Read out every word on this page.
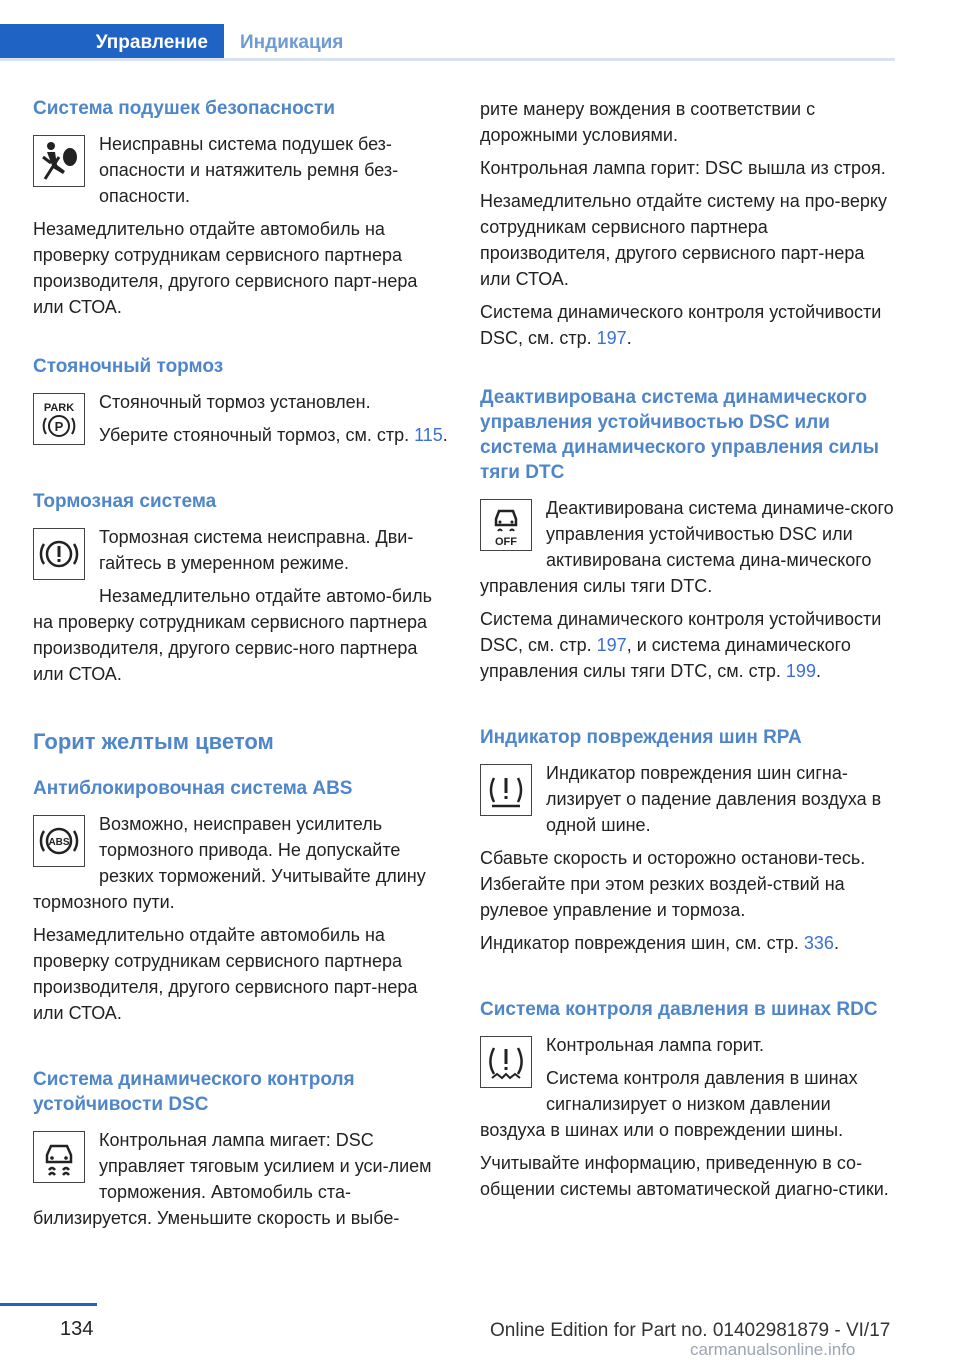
Управление Индикация
Система подушек безопасности

Неисправны система подушек без-опасности и натяжитель ремня без-опасности.

Незамедлительно отдайте автомобиль на проверку сотрудникам сервисного партнера производителя, другого сервисного парт-нера или СТОА.

Стояночный тормоз
PARK
P

Стояночный тормоз установлен.

Уберите стояночный тормоз, см. стр. 115.

Тормозная система

Тормозная система неисправна. Дви-гайтесь в умеренном режиме.

Незамедлительно отдайте автомо-биль на проверку сотрудникам сервисного партнера производителя, другого сервис-ного партнера или СТОА.

Горит желтым цветом
Антиблокировочная система ABS
ABS

Возможно, неисправен усилитель тормозного привода. Не допускайте резких торможений. Учитывайте длину тормозного пути.

Незамедлительно отдайте автомобиль на проверку сотрудникам сервисного партнера производителя, другого сервисного парт-нера или СТОА.

Система динамического контроля устойчивости DSC

Контрольная лампа мигает: DSC управляет тяговым усилием и уси-лием торможения. Автомобиль ста-билизируется. Уменьшите скорость и выбе-

рите манеру вождения в соответствии с дорожными условиями.

Контрольная лампа горит: DSC вышла из строя.

Незамедлительно отдайте систему на про-верку сотрудникам сервисного партнера производителя, другого сервисного парт-нера или СТОА.

Система динамического контроля устойчивости DSC, см. стр. 197.

Деактивирована система динамического управления устойчивостью DSC или система динамического управления силы тяги DTC
OFF

Деактивирована система динамиче-ского управления устойчивостью DSC или активирована система дина-мического управления силы тяги DTC.

Система динамического контроля устойчивости DSC, см. стр. 197, и система динамического управления силы тяги DTC, см. стр. 199.

Индикатор повреждения шин RPA

Индикатор повреждения шин сигна-лизирует о падение давления воздуха в одной шине.

Сбавьте скорость и осторожно останови-тесь. Избегайте при этом резких воздей-ствий на рулевое управление и тормоза.

Индикатор повреждения шин, см. стр. 336.

Система контроля давления в шинах RDC

Контрольная лампа горит.

Система контроля давления в шинах сигнализирует о низком давлении воздуха в шинах или о повреждении шины.

Учитывайте информацию, приведенную в со-общении системы автоматической диагно-стики.

134	Online Edition for Part no. 01402981879 - VI/17
carmanualsonline.info
